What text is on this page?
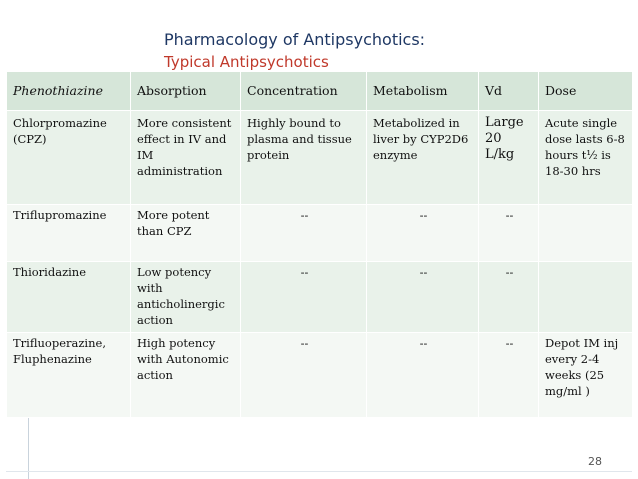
Pharmacology of Antipsychotics:
Typical Antipsychotics
Phenothiazine	Absorption	Concentration	Metabolism	Vd	Dose
Chlorpromazine (CPZ)	More consistent effect in IV and IM administration	Highly bound to plasma and tissue protein	Metabolized in liver by CYP2D6 enzyme	Large 20 L/kg	Acute single dose lasts 6-8 hours t¹⁄₂ is 18-30 hrs
Triflupromazine	More potent than CPZ	--	--	--	
Thioridazine	Low potency with anticholinergic action	--	--	--	
Trifluoperazine, Fluphenazine	High potency with Autonomic action	--	--	--	Depot IM inj every 2-4 weeks (25 mg/ml )
28
